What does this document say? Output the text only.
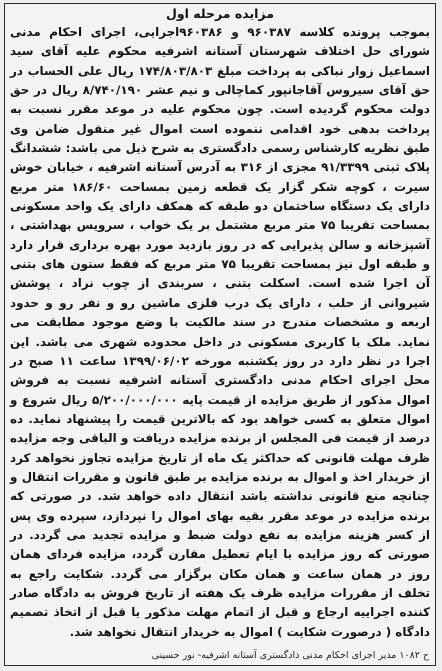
مزایده مرحله اول
بموجب پرونده کلاسه ۹۶۰۳۸۷ و ۹۶۰۳۸۶اجرایی، اجرای احکام مدنی شورای حل اختلاف شهرستان آستانه اشرفیه محکوم علیه آقای سید اسماعیل زوار نباکی به پرداخت مبلغ ۱۷۴/۸۰۳/۸۰۳ ریال علی الحساب در حق آقای سیروس آقاجانپور کماچالی و نیم عشر ۸/۷۴۰/۱۹۰ ریال در حق دولت محکوم گردیده است. چون محکوم علیه در موعد مقرر نسبت به پرداخت بدهی خود اقدامی ننموده است اموال غیر منقول ضامن وی طبق نظریه کارشناس رسمی دادگستری به شرح ذیل می باشد: ششدانگ پلاک ثبتی ۹۱/۳۳۹۹ مجزی از ۳۱۶ به آدرس آستانه اشرفیه ، خیابان خوش سیرت ، کوچه شکر گزار یک قطعه زمین بمساحت ۱۸۶/۶۰ متر مربع دارای یک دستگاه ساختمان دو طبقه که همکف دارای یک واحد مسکونی بمساحت تقریبا ۷۵ متر مربع مشتمل بر یک خواب ، سرویس بهداشتی ، آشپزخانه و سالن پذیرایی که در روز بازدید مورد بهره برداری قرار دارد و طبقه اول نیز بمساحت تقریبا ۷۵ متر مربع که فقط ستون های بتنی آن اجرا شده است. اسکلت بتنی ، سربندی از چوب نراد ، پوشش شیروانی از حلب ، دارای یک درب فلزی ماشین رو و نفر رو و حدود اربعه و مشخصات مندرج در سند مالکیت با وضع موجود مطابقت می نماید. ملک با کاربری مسکونی در داخل محدوده شهری می باشد. این اجرا در نظر دارد در روز یکشنبه مورخه ۱۳۹۹/۰۶/۰۲ ساعت ۱۱ صبح در محل اجرای احکام مدنی دادگستری آستانه اشرفیه نسبت به فروش اموال مذکور از طریق مزایده از قیمت پایه ۵/۲۰۰/۰۰۰/۰۰۰ ریال شروع و اموال متعلق به کسی خواهد بود که بالاترین قیمت را پیشنهاد نماید. ده درصد از قیمت فی المجلس از برنده مزایده دریافت و الباقی وجه مزایده ظرف مهلت قانونی که حداکثر یک ماه از تاریخ مزایده تجاوز نخواهد کرد از خریدار اخذ و اموال به برنده مزایده بر طبق قانون و مقررات انتقال و چنانچه منع قانونی نداشته باشد انتقال داده خواهد شد. در صورتی که برنده مزایده در موعد مقرر بقیه بهای اموال را نپردازد، سپرده وی پس از کسر هزینه مزایده به نفع دولت ضبط و مزایده تجدید می گردد. در صورتی که روز مزایده با ایام تعطیل مقارن گردد، مزایده فردای همان روز در همان ساعت و همان مکان برگزار می گردد. شکایت راجع به تخلف از مقررات مزایده ظرف یک هفته از تاریخ فروش به دادگاه صادر کننده اجراییه ارجاع و قبل از اتمام مهلت مذکور یا قبل از اتخاذ تصمیم دادگاه ( درصورت شکایت ) اموال به خریدار انتقال نخواهد شد.
ح ۱۰۸۲ مدیر اجرای احکام مدنی دادگستری آستانه اشرفیه- نور حسینی
